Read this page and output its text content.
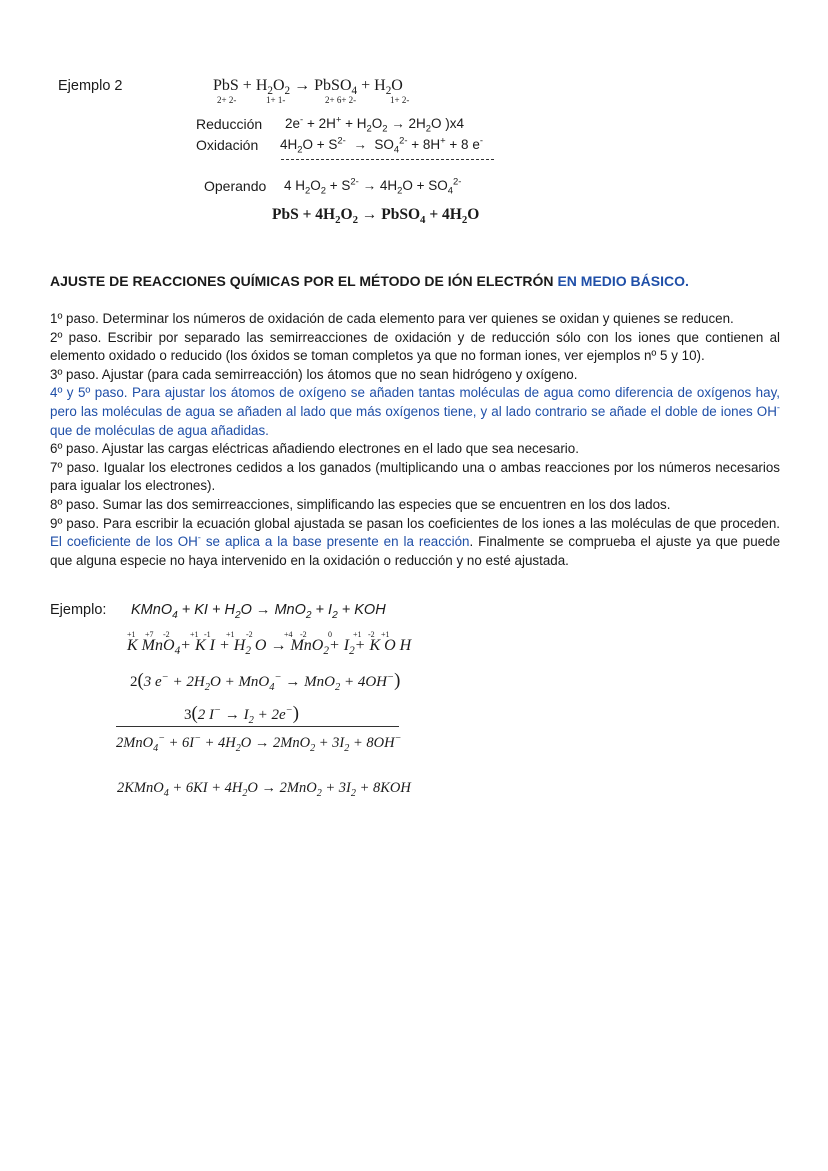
Ejemplo 2	PbS + $H_2O_2$ → PbSO$_4$ + $H_2O$
2+ 2-	1+ 1-	2+ 6+ 2-	1+ 2-
Reducción $2e^- + 2H^+ + H_2O_2 \to 2H_2O$ )x4
Oxidación $4H_2O + S^{2-} \to SO_4^{2-} + 8H^+ + 8$ e-
Operando 4 $H_2O_2 + S^{2-} \to 4H_2O + SO_4^{2-}$
PbS + $4H_2O_2$ → PbSO$_4$ + $4H_2O$
AJUSTE DE REACCIONES QUÍMICAS POR EL MÉTODO DE IÓN ELECTRÓN EN MEDIO BÁSICO.
1º paso. Determinar los números de oxidación de cada elemento para ver quienes se oxidan y quienes se reducen.
2º paso. Escribir por separado las semirreacciones de oxidación y de reducción sólo con los iones que contienen al elemento oxidado o reducido (los óxidos se toman completos ya que no forman iones, ver ejemplos nº 5 y 10).
3º paso. Ajustar (para cada semirreacción) los átomos que no sean hidrógeno y oxígeno.
4º y 5º paso. Para ajustar los átomos de oxígeno se añaden tantas moléculas de agua como diferencia de oxígenos hay, pero las moléculas de agua se añaden al lado que más oxígenos tiene, y al lado contrario se añade el doble de iones OH- que de moléculas de agua añadidas.
6º paso. Ajustar las cargas eléctricas añadiendo electrones en el lado que sea necesario.
7º paso. Igualar los electrones cedidos a los ganados (multiplicando una o ambas reacciones por los números necesarios para igualar los electrones).
8º paso. Sumar las dos semirreacciones, simplificando las especies que se encuentren en los dos lados.
9º paso. Para escribir la ecuación global ajustada se pasan los coeficientes de los iones a las moléculas de que proceden. El coeficiente de los OH- se aplica a la base presente en la reacción. Finalmente se comprueba el ajuste ya que puede que alguna especie no haya intervenido en la oxidación o reducción y no esté ajustada.
Ejemplo: KMnO$_4$ + KI + $H_2O \to MnO_2 + I_2$ + KOH
+1 +7 -2	+1 -1 +1 -2	+4 -2	0	+1 -2 +1
K MnO$_4$+ K $I + H_2$ $O \to MnO_2+ I_2+ K$ O H
2(3 $e^- + 2H_2O + MnO_4^- \to MnO_2 + 4OH^-$)
3(2 $I^- \to I_2 + 2e^-$)
$2MnO_4^- + 6I^- + 4H_2O \to 2MnO_2 + 3I_2 + 8OH^-$
2KMnO$_4$ + $6KI + 4H_2O \to 2MnO_2 + 3I_2 + 8KOH$
